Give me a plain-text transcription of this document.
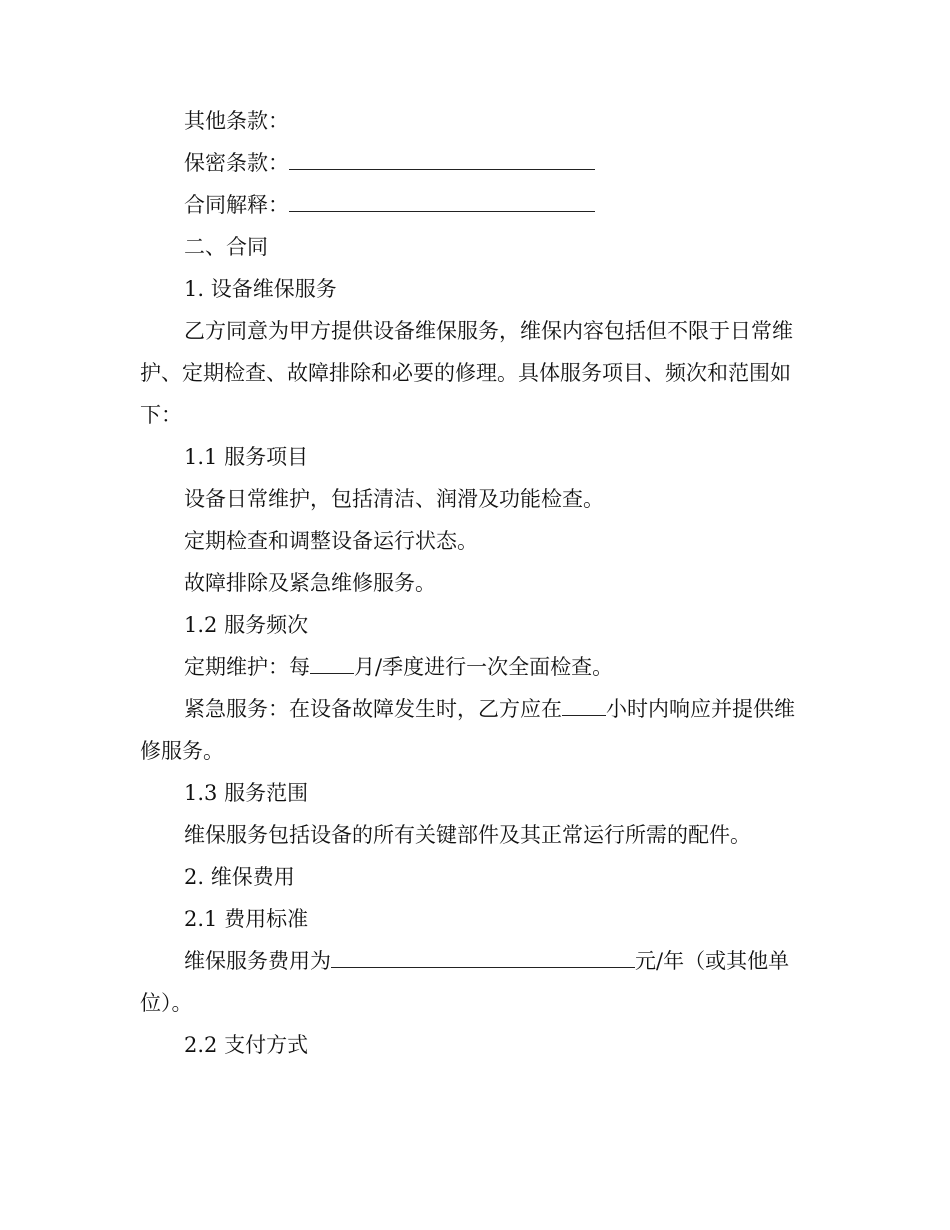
其他条款：

保密条款：

合同解释：

二、合同

1. 设备维保服务

乙方同意为甲方提供设备维保服务，维保内容包括但不限于日常维护、定期检查、故障排除和必要的修理。具体服务项目、频次和范围如下：

1.1 服务项目

设备日常维护，包括清洁、润滑及功能检查。

定期检查和调整设备运行状态。

故障排除及紧急维修服务。

1.2 服务频次

定期维护：每 月/季度进行一次全面检查。

紧急服务：在设备故障发生时，乙方应在 小时内响应并提供维修服务。

1.3 服务范围

维保服务包括设备的所有关键部件及其正常运行所需的配件。

2. 维保费用

2.1 费用标准

维保服务费用为	元/年（或其他单位）。

2.2 支付方式
